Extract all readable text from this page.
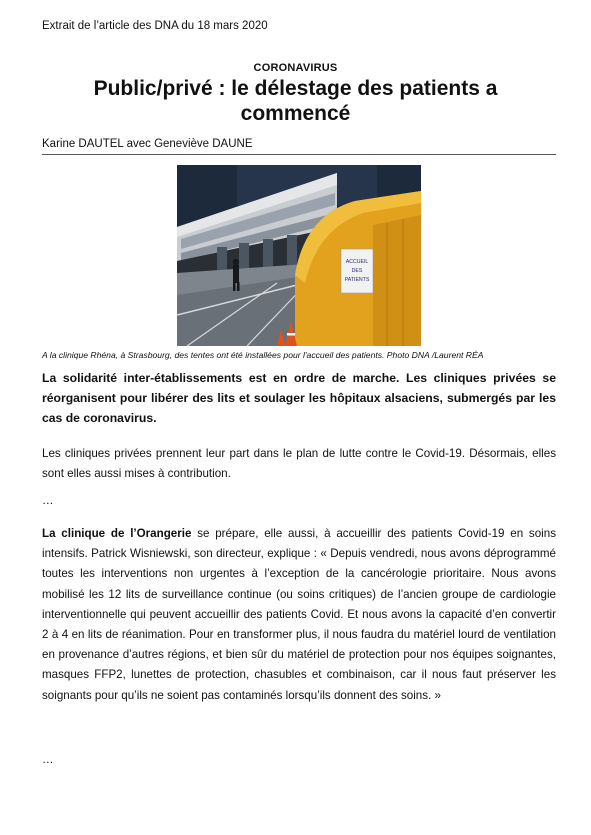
Extrait de l’article des DNA du 18 mars 2020
CORONAVIRUS
Public/privé : le délestage des patients a commencé
Karine DAUTEL avec Geneviève DAUNE
ACCUEIL
DES
PATIENTS
A la clinique Rhéna, à Strasbourg, des tentes ont été installées pour l'accueil des patients. Photo DNA /Laurent RÉA

La solidarité inter-établissements est en ordre de marche. Les cliniques privées se réorganisent pour libérer des lits et soulager les hôpitaux alsaciens, submergés par les cas de coronavirus.

Les cliniques privées prennent leur part dans le plan de lutte contre le Covid-19. Désormais, elles sont elles aussi mises à contribution.

…

La clinique de l’Orangerie se prépare, elle aussi, à accueillir des patients Covid-19 en soins intensifs. Patrick Wisniewski, son directeur, explique : « Depuis vendredi, nous avons déprogrammé toutes les interventions non urgentes à l’exception de la cancérologie prioritaire. Nous avons mobilisé les 12 lits de surveillance continue (ou soins critiques) de l’ancien groupe de cardiologie interventionnelle qui peuvent accueillir des patients Covid. Et nous avons la capacité d’en convertir 2 à 4 en lits de réanimation. Pour en transformer plus, il nous faudra du matériel lourd de ventilation en provenance d’autres régions, et bien sûr du matériel de protection pour nos équipes soignantes, masques FFP2, lunettes de protection, chasubles et combinaison, car il nous faut préserver les soignants pour qu’ils ne soient pas contaminés lorsqu’ils donnent des soins. »

…
